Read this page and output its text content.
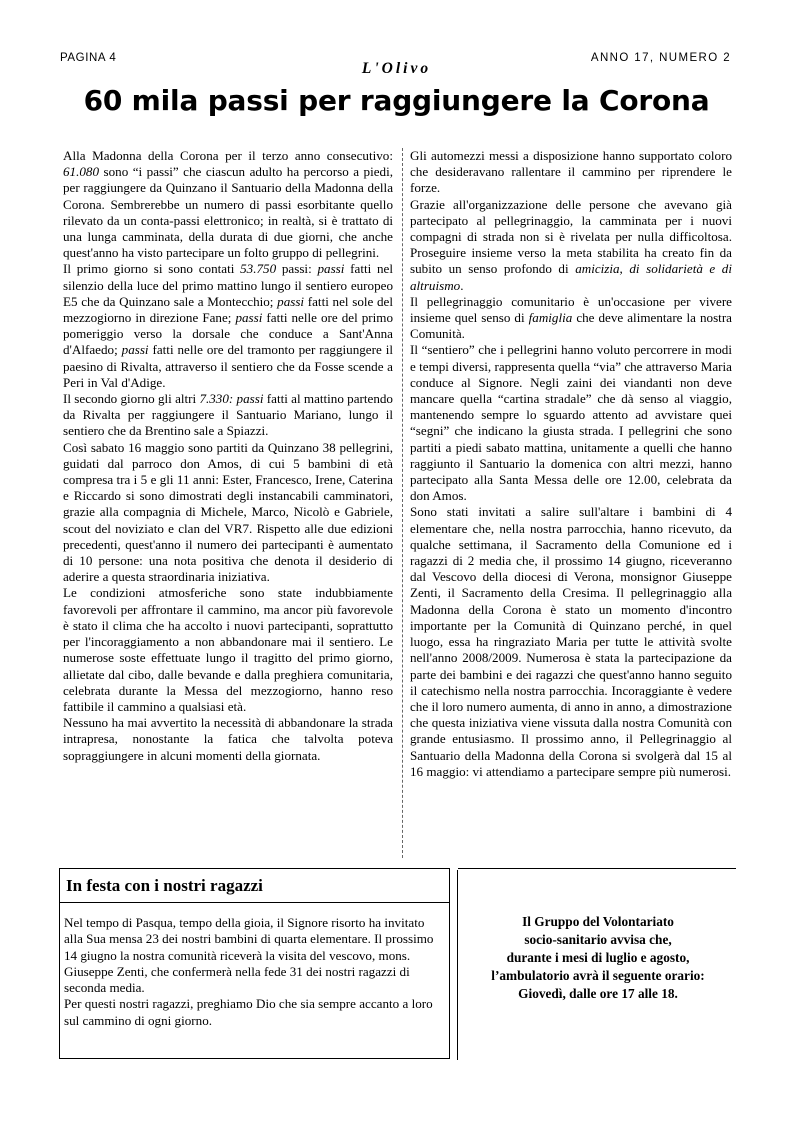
PAGINA 4
L'Olivo
ANNO 17, NUMERO 2
60 mila passi per raggiungere la Corona

Alla Madonna della Corona per il terzo anno consecutivo: 61.080 sono “i passi” che ciascun adulto ha percorso a piedi, per raggiungere da Quinzano il Santuario della Madonna della Corona. Sembrerebbe un numero di passi esorbitante quello rilevato da un conta-passi elettronico; in realtà, si è trattato di una lunga camminata, della durata di due giorni, che anche quest'anno ha visto partecipare un folto gruppo di pellegrini.

Il primo giorno si sono contati 53.750 passi: passi fatti nel silenzio della luce del primo mattino lungo il sentiero europeo E5 che da Quinzano sale a Montecchio; passi fatti nel sole del mezzogiorno in direzione Fane; passi fatti nelle ore del primo pomeriggio verso la dorsale che conduce a Sant'Anna d'Alfaedo; passi fatti nelle ore del tramonto per raggiungere il paesino di Rivalta, attraverso il sentiero che da Fosse scende a Peri in Val d'Adige.

Il secondo giorno gli altri 7.330: passi fatti al mattino partendo da Rivalta per raggiungere il Santuario Mariano, lungo il sentiero che da Brentino sale a Spiazzi.

Così sabato 16 maggio sono partiti da Quinzano 38 pellegrini, guidati dal parroco don Amos, di cui 5 bambini di età compresa tra i 5 e gli 11 anni: Ester, Francesco, Irene, Caterina e Riccardo si sono dimostrati degli instancabili camminatori, grazie alla compagnia di Michele, Marco, Nicolò e Gabriele, scout del noviziato e clan del VR7. Rispetto alle due edizioni precedenti, quest'anno il numero dei partecipanti è aumentato di 10 persone: una nota positiva che denota il desiderio di aderire a questa straordinaria iniziativa.

Le condizioni atmosferiche sono state indubbiamente favorevoli per affrontare il cammino, ma ancor più favorevole è stato il clima che ha accolto i nuovi partecipanti, soprattutto per l'incoraggiamento a non abbandonare mai il sentiero. Le numerose soste effettuate lungo il tragitto del primo giorno, allietate dal cibo, dalle bevande e dalla preghiera comunitaria, celebrata durante la Messa del mezzogiorno, hanno reso fattibile il cammino a qualsiasi età.

Nessuno ha mai avvertito la necessità di abbandonare la strada intrapresa, nonostante la fatica che talvolta poteva sopraggiungere in alcuni momenti della giornata.

Gli automezzi messi a disposizione hanno supportato coloro che desideravano rallentare il cammino per riprendere le forze.

Grazie all'organizzazione delle persone che avevano già partecipato al pellegrinaggio, la camminata per i nuovi compagni di strada non si è rivelata per nulla difficoltosa. Proseguire insieme verso la meta stabilita ha creato fin da subito un senso profondo di amicizia, di solidarietà e di altruismo.

Il pellegrinaggio comunitario è un'occasione per vivere insieme quel senso di famiglia che deve alimentare la nostra Comunità.

Il “sentiero” che i pellegrini hanno voluto percorrere in modi e tempi diversi, rappresenta quella “via” che attraverso Maria conduce al Signore. Negli zaini dei viandanti non deve mancare quella “cartina stradale” che dà senso al viaggio, mantenendo sempre lo sguardo attento ad avvistare quei “segni” che indicano la giusta strada. I pellegrini che sono partiti a piedi sabato mattina, unitamente a quelli che hanno raggiunto il Santuario la domenica con altri mezzi, hanno partecipato alla Santa Messa delle ore 12.00, celebrata da don Amos.

Sono stati invitati a salire sull'altare i bambini di 4 elementare che, nella nostra parrocchia, hanno ricevuto, da qualche settimana, il Sacramento della Comunione ed i ragazzi di 2 media che, il prossimo 14 giugno, riceveranno dal Vescovo della diocesi di Verona, monsignor Giuseppe Zenti, il Sacramento della Cresima. Il pellegrinaggio alla Madonna della Corona è stato un momento d'incontro importante per la Comunità di Quinzano perché, in quel luogo, essa ha ringraziato Maria per tutte le attività svolte nell'anno 2008/2009. Numerosa è stata la partecipazione da parte dei bambini e dei ragazzi che quest'anno hanno seguito il catechismo nella nostra parrocchia. Incoraggiante è vedere che il loro numero aumenta, di anno in anno, a dimostrazione che questa iniziativa viene vissuta dalla nostra Comunità con grande entusiasmo. Il prossimo anno, il Pellegrinaggio al Santuario della Madonna della Corona si svolgerà dal 15 al 16 maggio: vi attendiamo a partecipare sempre più numerosi.

In festa con i nostri ragazzi

Nel tempo di Pasqua, tempo della gioia, il Signore risorto ha invitato alla Sua mensa 23 dei nostri bambini di quarta elementare. Il prossimo 14 giugno la nostra comunità riceverà la visita del vescovo, mons. Giuseppe Zenti, che confermerà nella fede 31 dei nostri ragazzi di seconda media.

Per questi nostri ragazzi, preghiamo Dio che sia sempre accanto a loro sul cammino di ogni giorno.

Il Gruppo del Volontariato
socio-sanitario avvisa che,
durante i mesi di luglio e agosto,
l’ambulatorio avrà il seguente orario:
Giovedì, dalle ore 17 alle 18.
